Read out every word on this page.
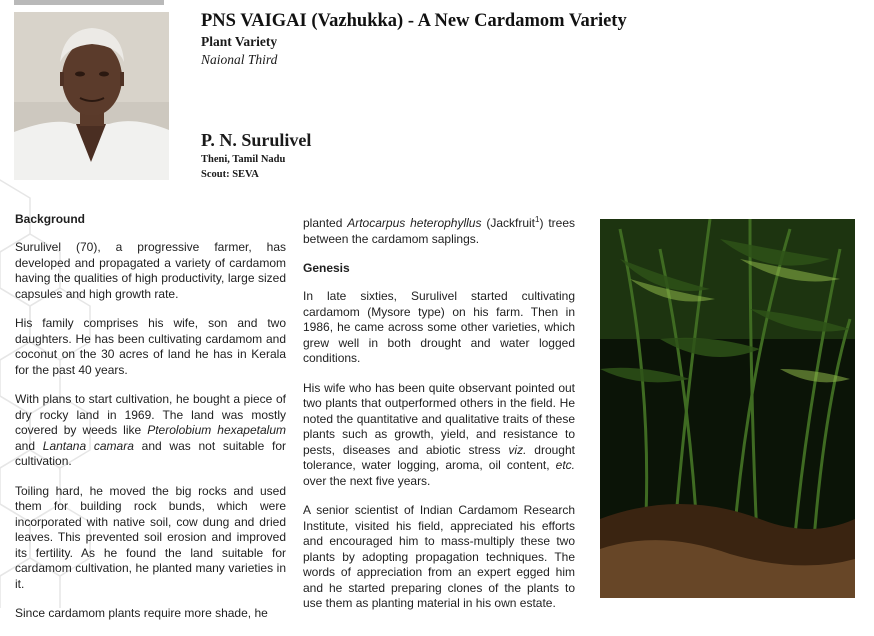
PNS VAIGAI (Vazhukka) - A New Cardamom Variety
Plant Variety
Naional Third
P. N. Surulivel
Theni, Tamil Nadu
Scout: SEVA
Background

Surulivel (70), a progressive farmer, has developed and propagated a variety of cardamom having the qualities of high productivity, large sized capsules and high growth rate.

His family comprises his wife, son and two daughters. He has been cultivating cardamom and coconut on the 30 acres of land he has in Kerala for the past 40 years.

With plans to start cultivation, he bought a piece of dry rocky land in 1969. The land was mostly covered by weeds like Pterolobium hexapetalum and Lantana camara and was not suitable for cultivation.

Toiling hard, he moved the big rocks and used them for building rock bunds, which were incorporated with native soil, cow dung and dried leaves. This prevented soil erosion and improved its fertility. As he found the land suitable for cardamom cultivation, he planted many varieties in it.

Since cardamom plants require more shade, he

planted Artocarpus heterophyllus (Jackfruit$^1$) trees between the cardamom saplings.

Genesis

In late sixties, Surulivel started cultivating cardamom (Mysore type) on his farm. Then in 1986, he came across some other varieties, which grew well in both drought and water logged conditions.

His wife who has been quite observant pointed out two plants that outperformed others in the field. He noted the quantitative and qualitative traits of these plants such as growth, yield, and resistance to pests, diseases and abiotic stress viz. drought tolerance, water logging, aroma, oil content, etc. over the next five years.

A senior scientist of Indian Cardamom Research Institute, visited his field, appreciated his efforts and encouraged him to mass-multiply these two plants by adopting propagation techniques. The words of appreciation from an expert egged him and he started preparing clones of the plants to use them as planting material in his own estate.
